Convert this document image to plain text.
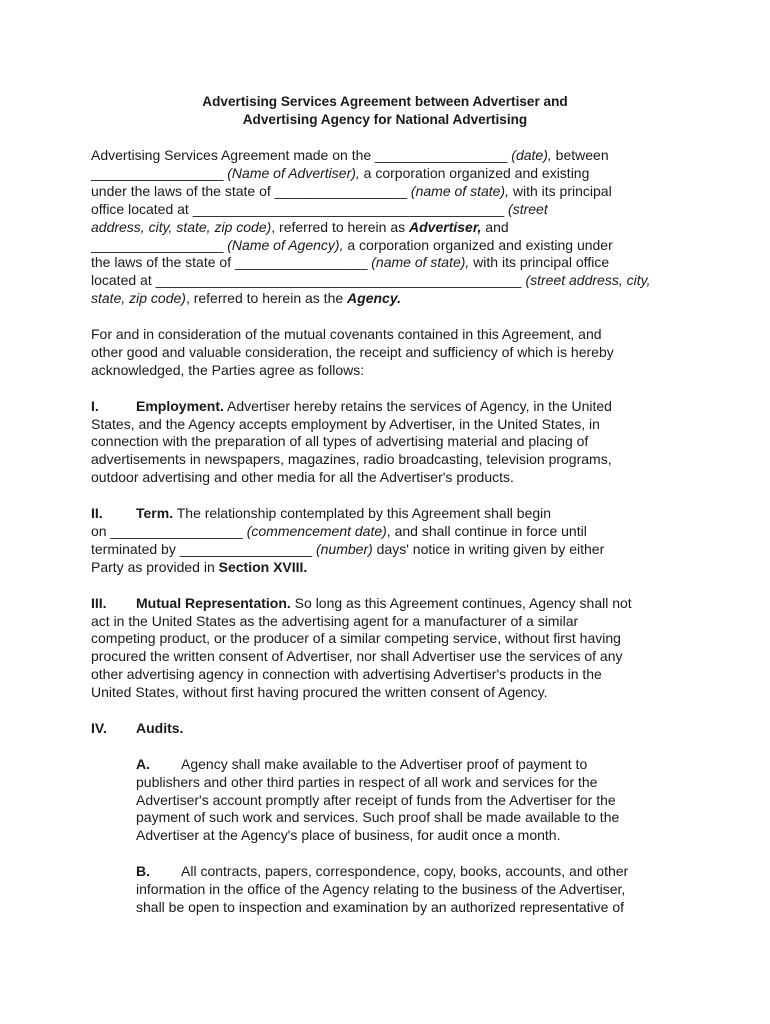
Advertising Services Agreement between Advertiser and
Advertising Agency for National Advertising
Advertising Services Agreement made on the _________________ (date), between
_________________ (Name of Advertiser), a corporation organized and existing
under the laws of the state of _________________ (name of state), with its principal
office located at ________________________________________ (street
address, city, state, zip code), referred to herein as Advertiser, and
_________________ (Name of Agency), a corporation organized and existing under
the laws of the state of _________________ (name of state), with its principal office
located at _______________________________________________ (street address, city,
state, zip code), referred to herein as the Agency.
For and in consideration of the mutual covenants contained in this Agreement, and
other good and valuable consideration, the receipt and sufficiency of which is hereby
acknowledged, the Parties agree as follows:
I.	Employment. Advertiser hereby retains the services of Agency, in the United
States, and the Agency accepts employment by Advertiser, in the United States, in
connection with the preparation of all types of advertising material and placing of
advertisements in newspapers, magazines, radio broadcasting, television programs,
outdoor advertising and other media for all the Advertiser's products.
II. Term. The relationship contemplated by this Agreement shall begin
on _________________ (commencement date), and shall continue in force until
terminated by _________________ (number) days' notice in writing given by either
Party as provided in Section XVIII.
III. Mutual Representation. So long as this Agreement continues, Agency shall not
act in the United States as the advertising agent for a manufacturer of a similar
competing product, or the producer of a similar competing service, without first having
procured the written consent of Advertiser, nor shall Advertiser use the services of any
other advertising agency in connection with advertising Advertiser's products in the
United States, without first having procured the written consent of Agency.
IV. Audits.
A. Agency shall make available to the Advertiser proof of payment to
publishers and other third parties in respect of all work and services for the
Advertiser's account promptly after receipt of funds from the Advertiser for the
payment of such work and services. Such proof shall be made available to the
Advertiser at the Agency's place of business, for audit once a month.
B. All contracts, papers, correspondence, copy, books, accounts, and other
information in the office of the Agency relating to the business of the Advertiser,
shall be open to inspection and examination by an authorized representative of
